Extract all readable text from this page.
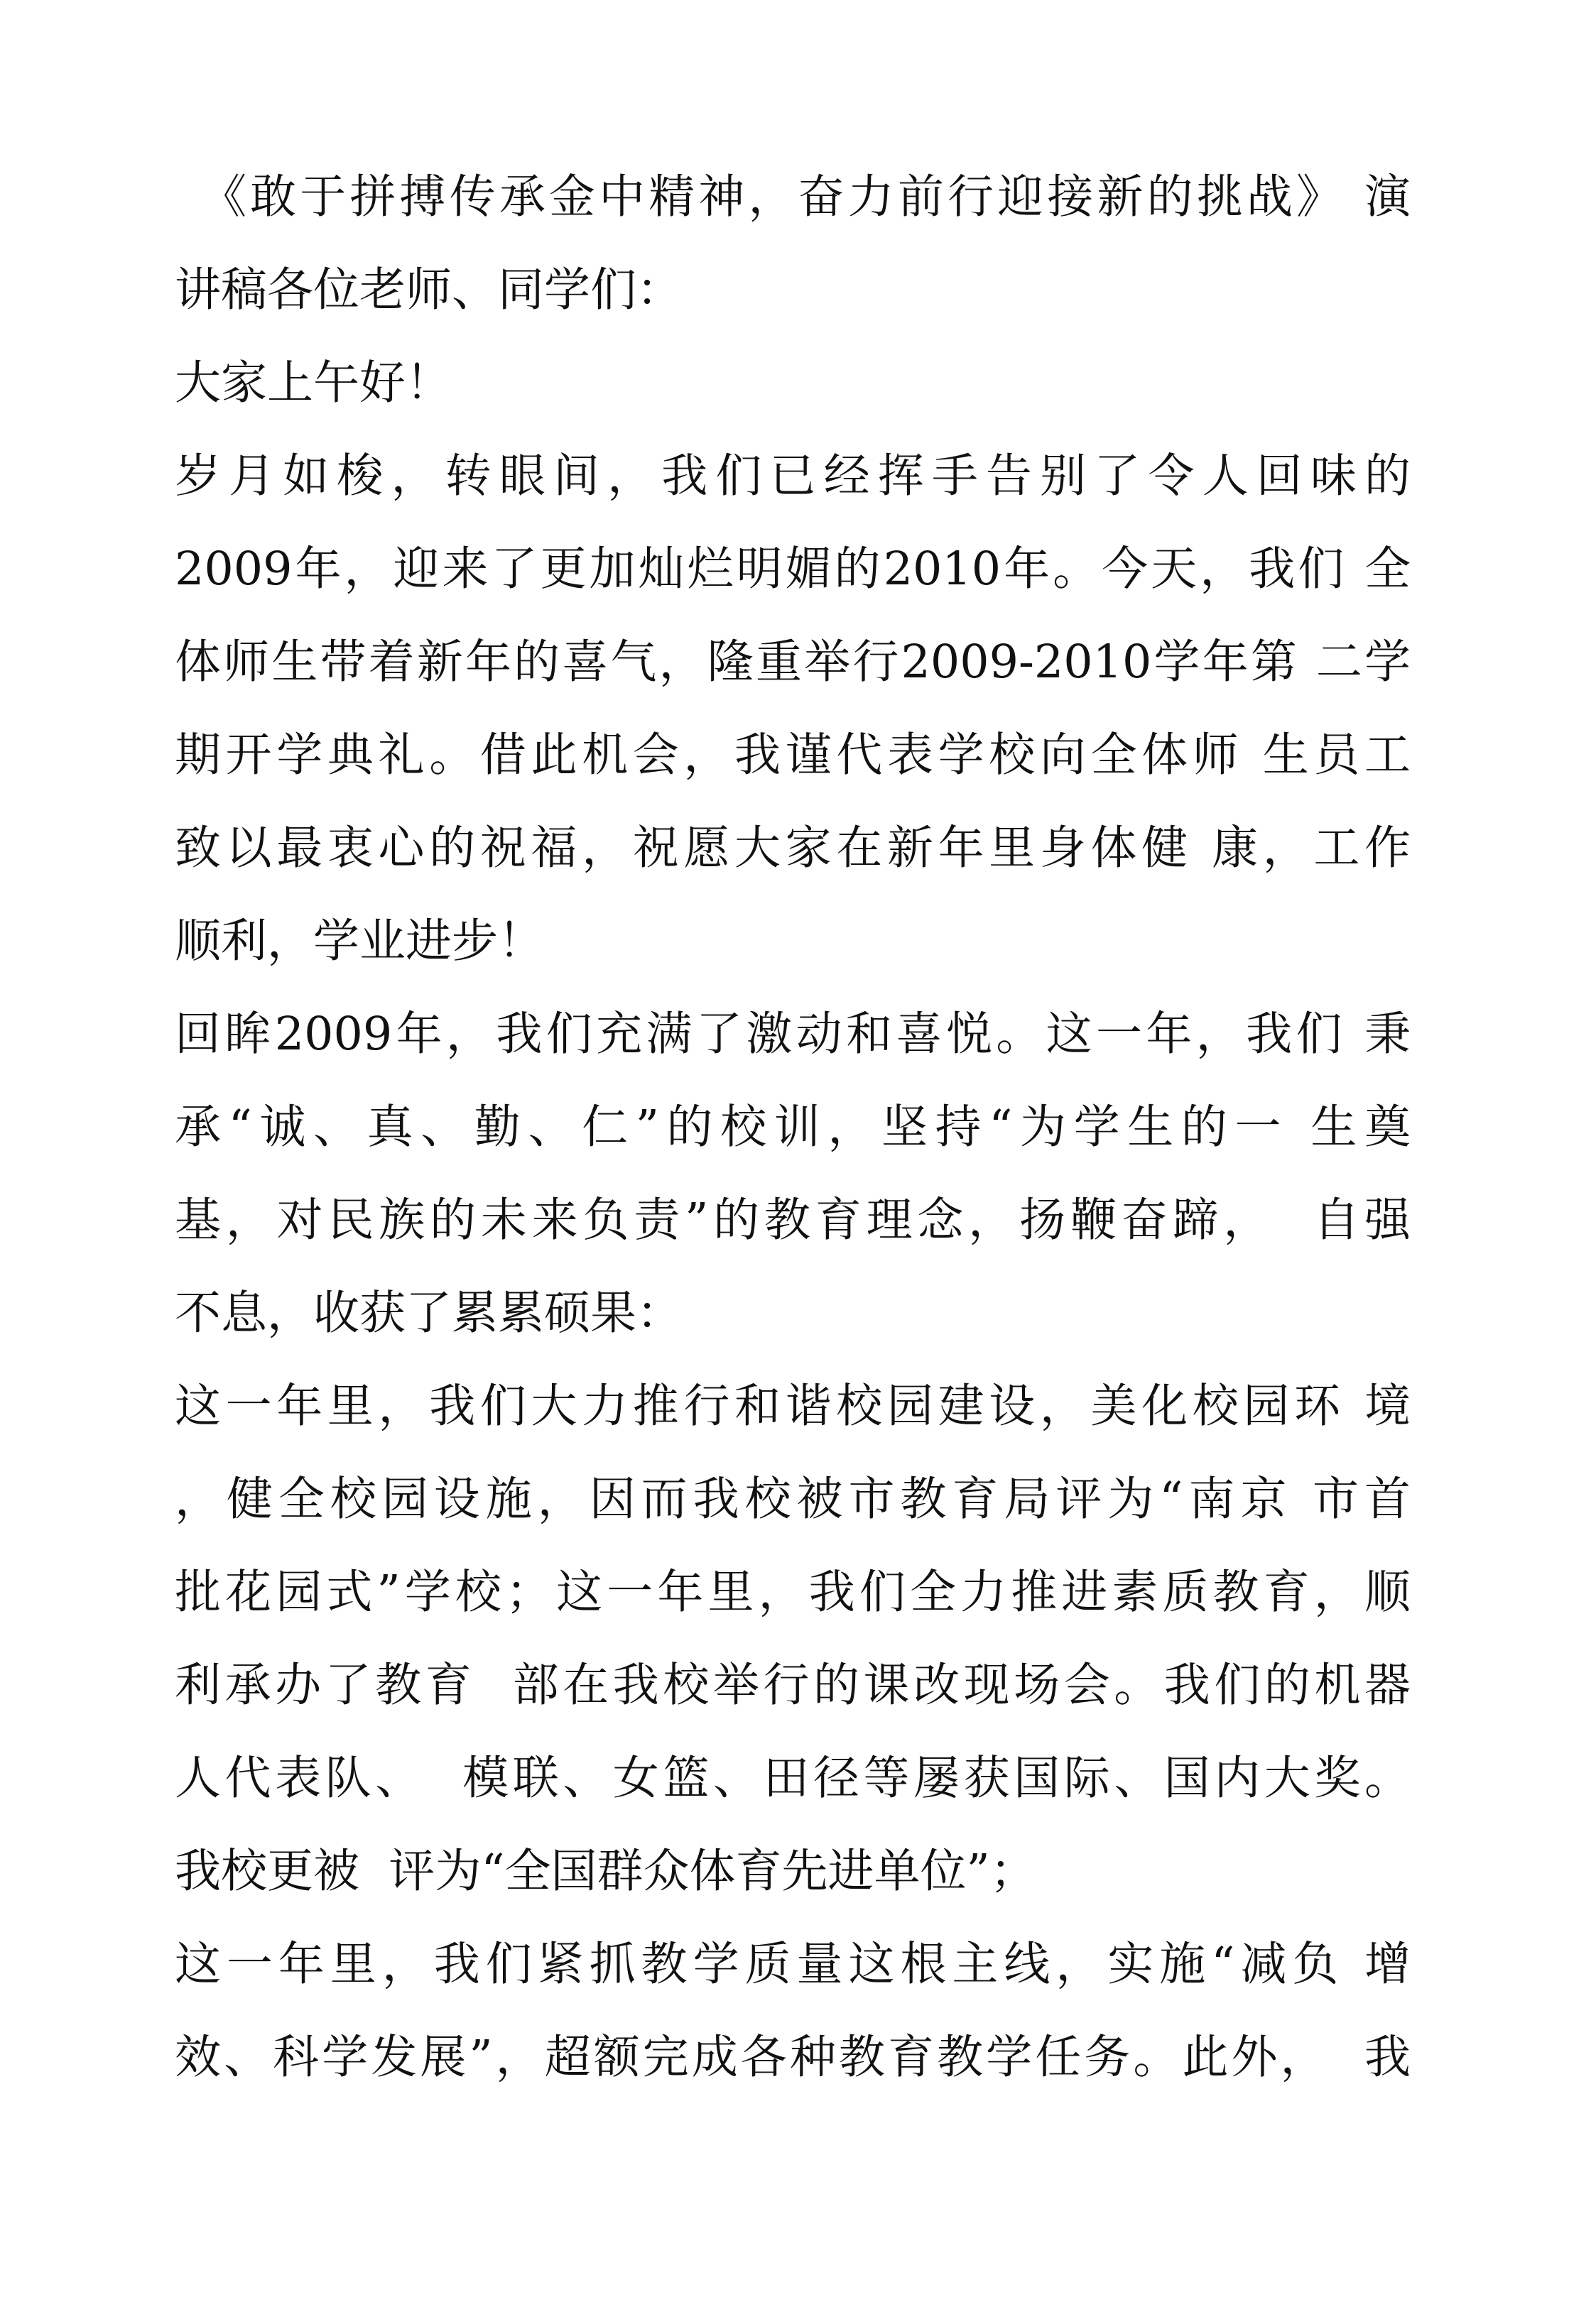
《敢于拼搏传承金中精神，奋力前行迎接新的挑战》 演

讲稿各位老师、同学们：

大家上午好！

岁月如梭，转眼间，我们已经挥手告别了令人回味的

2009年，迎来了更加灿烂明媚的2010年。今天，我们 全

体师生带着新年的喜气，隆重举行2009-2010学年第 二学

期开学典礼。借此机会，我谨代表学校向全体师 生员工

致以最衷心的祝福，祝愿大家在新年里身体健 康，工作

顺利，学业进步！

回眸2009年，我们充满了激动和喜悦。这一年，我们 秉

承“诚、真、勤、仁”的校训，坚持“为学生的一 生奠

基，对民族的未来负责”的教育理念，扬鞭奋蹄，  自强

不息，收获了累累硕果：

这一年里，我们大力推行和谐校园建设，美化校园环 境

，健全校园设施，因而我校被市教育局评为“南京 市首

批花园式”学校；这一年里，我们全力推进素质教育，顺

利承办了教育  部在我校举行的课改现场会。我们的机器

人代表队、  模联、女篮、田径等屡获国际、国内大奖。

我校更被  评为“全国群众体育先进单位”；

这一年里，我们紧抓教学质量这根主线，实施“减负 增

效、科学发展”，超额完成各种教育教学任务。此外，  我
